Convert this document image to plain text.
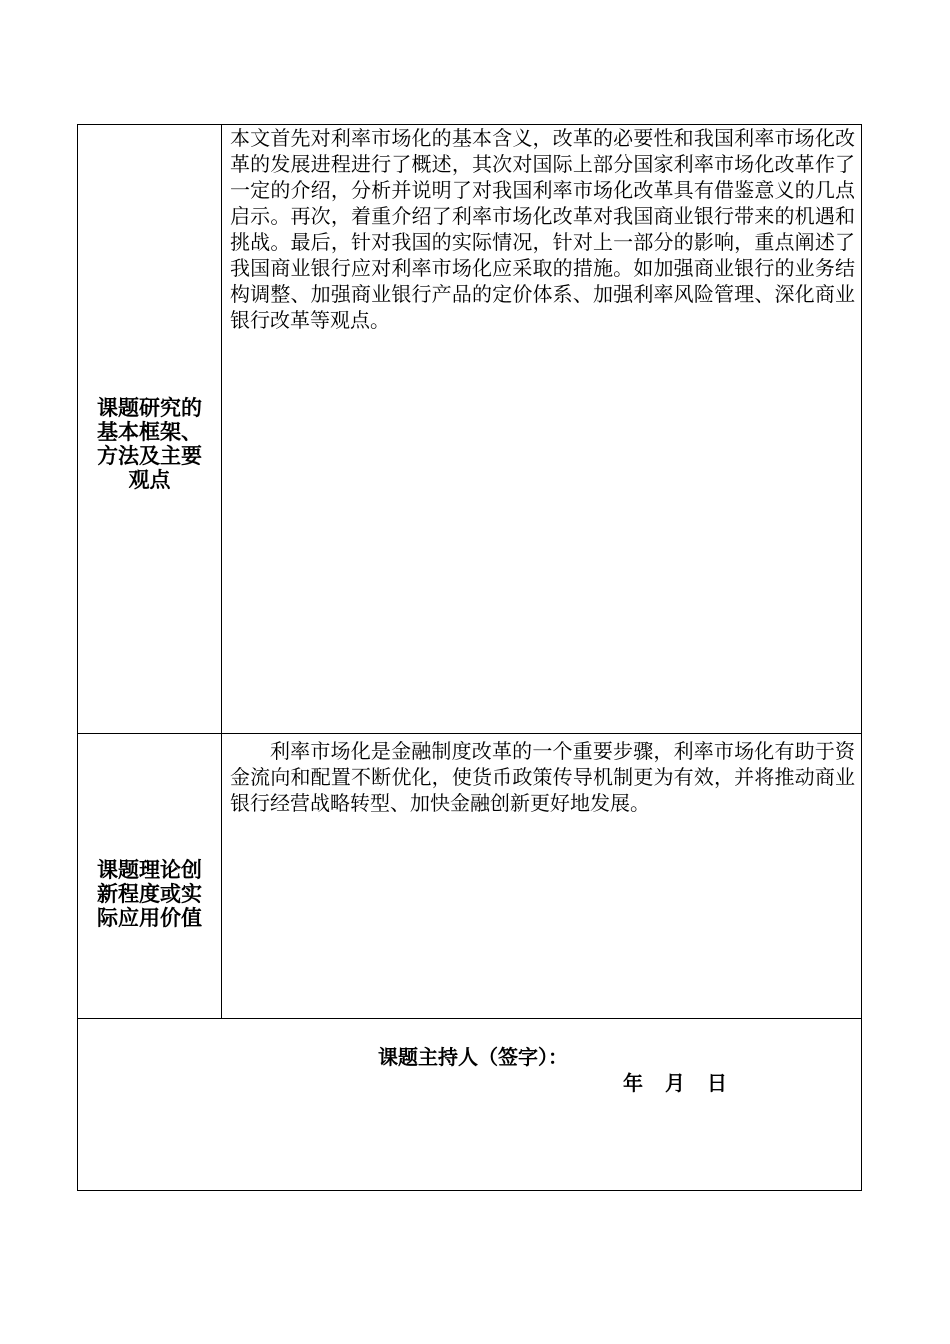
课题研究的基本框架、方法及主要观点

本文首先对利率市场化的基本含义，改革的必要性和我国利率市场化改革的发展进程进行了概述，其次对国际上部分国家利率市场化改革作了一定的介绍，分析并说明了对我国利率市场化改革具有借鉴意义的几点启示。再次，着重介绍了利率市场化改革对我国商业银行带来的机遇和挑战。最后，针对我国的实际情况，针对上一部分的影响，重点阐述了我国商业银行应对利率市场化应采取的措施。如加强商业银行的业务结构调整、加强商业银行产品的定价体系、加强利率风险管理、深化商业银行改革等观点。

课题理论创新程度或实际应用价值

利率市场化是金融制度改革的一个重要步骤，利率市场化有助于资金流向和配置不断优化，使货币政策传导机制更为有效，并将推动商业银行经营战略转型、加快金融创新更好地发展。

课题主持人（签字）：
年　月　日
